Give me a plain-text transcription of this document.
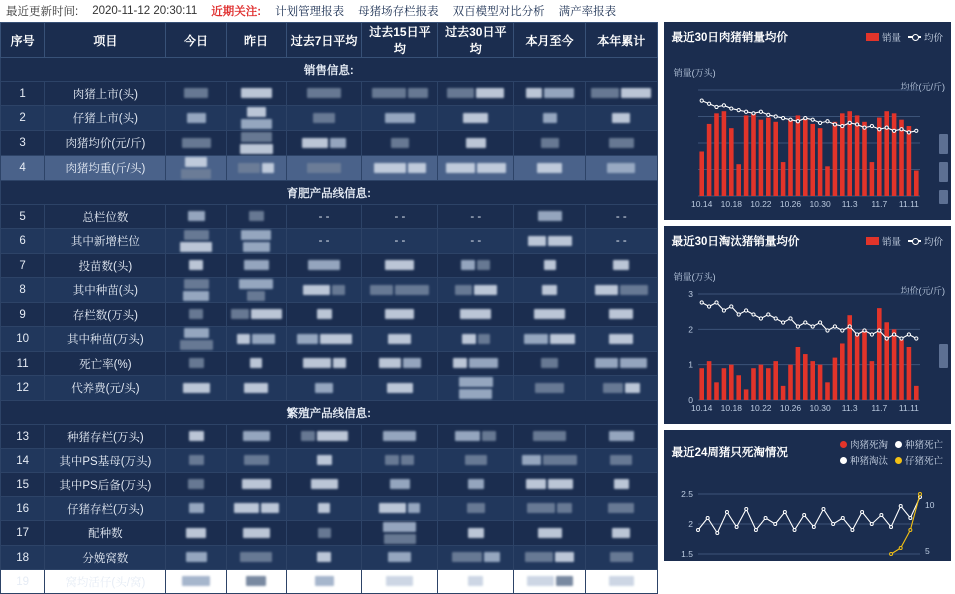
最近更新时间: 2020-11-12 20:30:11 近期关注: 计划管理报表 母猪场存栏报表 双百模型对比分析 满产率报表
序号	项目	今日	昨日	过去7日平均	过去15日平均	过去30日平均	本月至今	本年累计
销售信息:								
1	肉猪上市(头)							
2	仔猪上市(头)							
3	肉猪均价(元/斤)							
4	肉猪均重(斤/头)							
育肥产品线信息:								
5	总栏位数			- -	- -	- -		- -
6	其中新增栏位			- -	- -	- -		- -
7	投苗数(头)							
8	其中种苗(头)							
9	存栏数(万头)							
10	其中种苗(万头)							
11	死亡率(%)							
12	代养费(元/头)							
繁殖产品线信息:								
13	种猪存栏(万头)							
14	其中PS基母(万头)							
15	其中PS后备(万头)							
16	仔猪存栏(万头)							
17	配种数							
18	分娩窝数							
19	窝均活仔(头/窝)							
最近30日肉猪销量均价	销量 均价
销量(万头)
均价(元/斤)
10.14 10.18 10.22 10.26 10.30 11.3 11.7 11.11
最近30日淘汰猪销量均价	销量 均价
销量(万头)
均价(元/斤)
0
1
2
3
10.14 10.18 10.22 10.26 10.30 11.3 11.7 11.11
最近24周猪只死淘情况
肉猪死淘 种猪死亡
种猪淘汰 仔猪死亡
2.5
2
1.5	5
10
